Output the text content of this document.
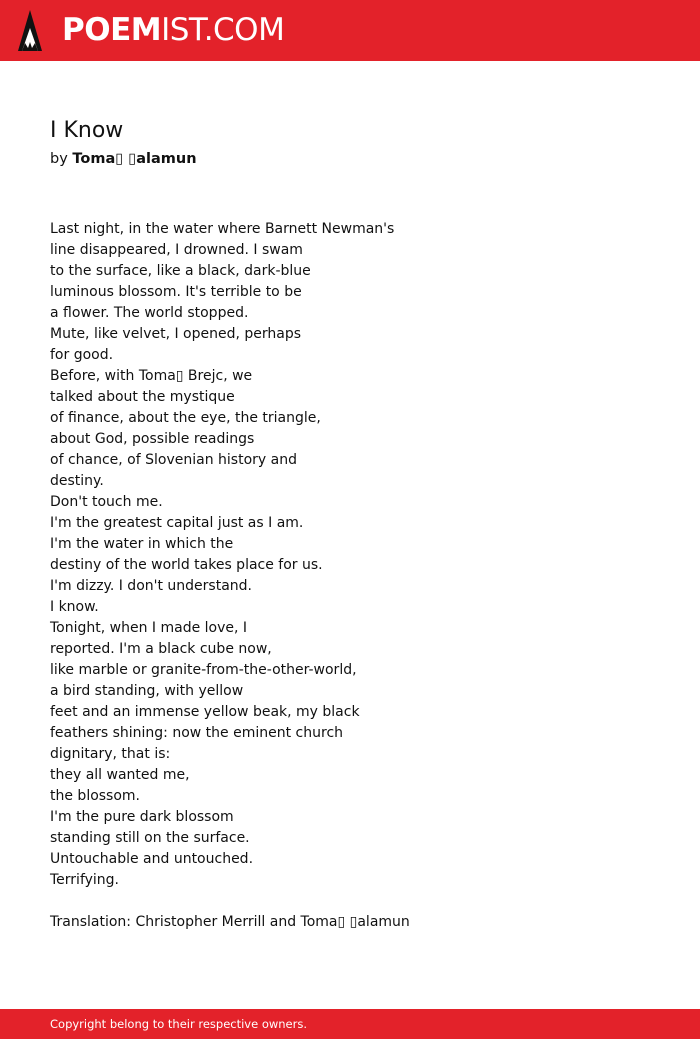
POEMIST.COM
I Know
by Toma▯ ▯alamun
Last night, in the water where Barnett Newman's
line disappeared, I drowned. I swam
to the surface, like a black, dark-blue
luminous blossom. It's terrible to be
a flower. The world stopped.
Mute, like velvet, I opened, perhaps
for good.
Before, with Toma▯ Brejc, we
talked about the mystique
of finance, about the eye, the triangle,
about God, possible readings
of chance, of Slovenian history and
destiny.
Don't touch me.
I'm the greatest capital just as I am.
I'm the water in which the
destiny of the world takes place for us.
I'm dizzy. I don't understand.
I know.
Tonight, when I made love, I
reported. I'm a black cube now,
like marble or granite-from-the-other-world,
a bird standing, with yellow
feet and an immense yellow beak, my black
feathers shining: now the eminent church
dignitary, that is:
they all wanted me,
the blossom.
I'm the pure dark blossom
standing still on the surface.
Untouchable and untouched.
Terrifying.
Translation: Christopher Merrill and Toma▯ ▯alamun
Copyright belong to their respective owners.
